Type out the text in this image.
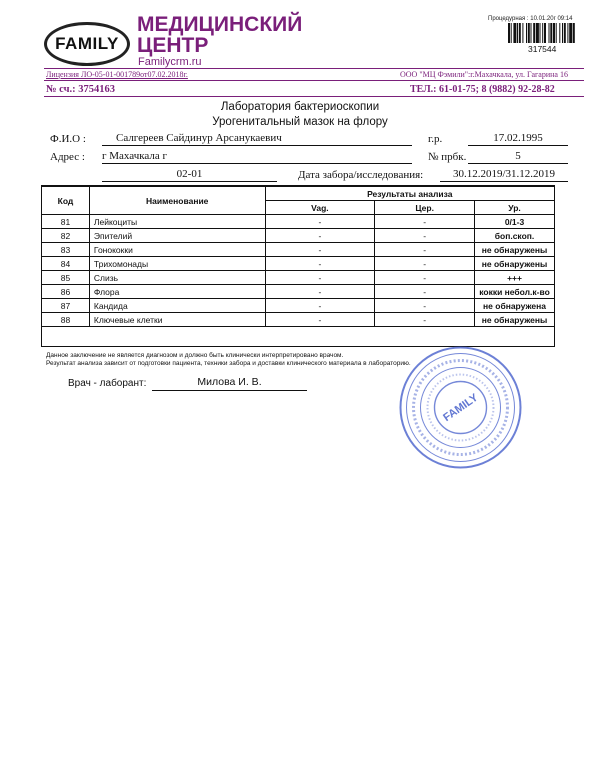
FAMILY
МЕДИЦИНСКИЙ
ЦЕНТР
Familycrm.ru
Процедурная : 10.01.20г 09:14
317544
Лицензия ЛО-05-01-001789от07.02.2018г.	ООО "МЦ Фэмили":г.Махачкала, ул. Гагарина 16
№ сч.: 3754163	ТЕЛ.: 61-01-75; 8 (9882) 92-28-82
Лаборатория бактериоскопии
Урогенитальный мазок на флору
Ф.И.О :	Салгереев Сайдинур Арсанукаевич	г.р.	17.02.1995
Адрес : г Махачкала г	№ прбк.	5
02-01	Дата забора/исследования:	30.12.2019/31.12.2019
Код	Наименование	Результаты анализа		
		Vag.	Цер.	Ур.
81	Лейкоциты	-	-	0/1-3
82	Эпителий	-	-	боп.скоп.
83	Гонококки	-	-	не обнаружены
84	Трихомонады	-	-	не обнаружены
85	Слизь	-	-	+++
86	Флора	-	-	кокки небол.к-во
87	Кандида	-	-	не обнаружена
88	Ключевые клетки	-	-	не обнаружены
Данное заключение не является диагнозом и должно быть клинически интерпретировано врачом.
Результат анализа зависит от подготовки пациента, техники забора и доставки клинического материала в лабораторию.
Врач - лаборант:	Милова И. В.
FAMILY
